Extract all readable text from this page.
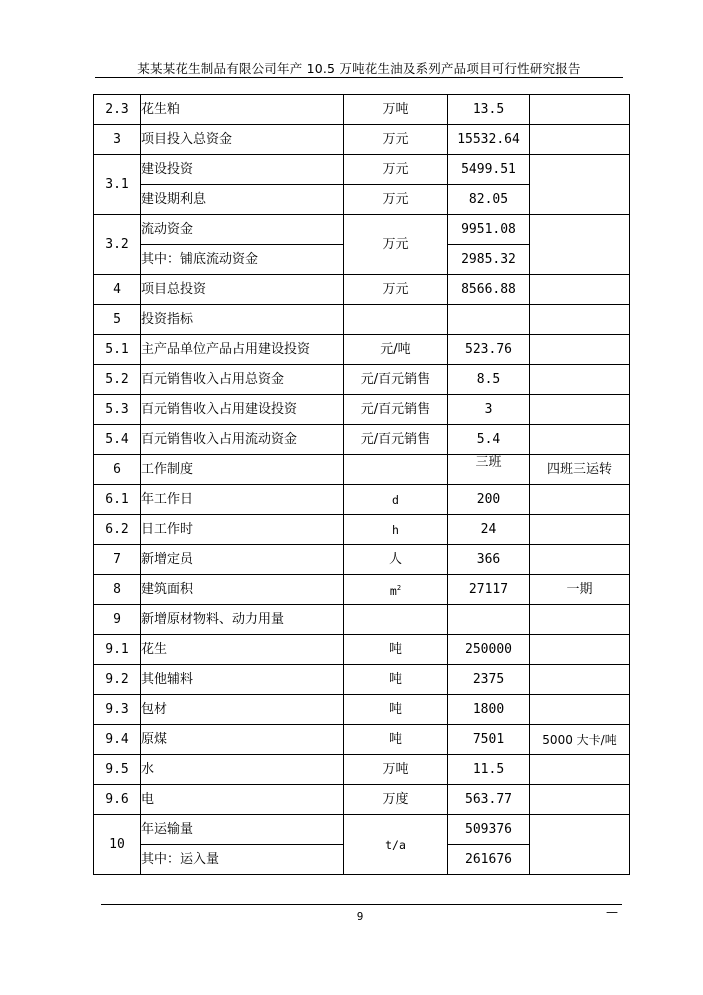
某某某花生制品有限公司年产 10.5 万吨花生油及系列产品项目可行性研究报告
2.3	花生粕	万吨	13.5	
3	项目投入总资金	万元	15532.64	
3.1	建设投资	万元	5499.51	
	建设期利息	万元	82.05	
3.2	流动资金	万元	9951.08	
	其中：铺底流动资金		2985.32	
4	项目总投资	万元	8566.88	
5	投资指标			
5.1	主产品单位产品占用建设投资	元/吨	523.76	
5.2	百元销售收入占用总资金	元/百元销售	8.5	
5.3	百元销售收入占用建设投资	元/百元销售	3	
5.4	百元销售收入占用流动资金	元/百元销售	5.4	
6	工作制度		三班	四班三运转
6.1	年工作日	d	200	
6.2	日工作时	h	24	
7	新增定员	人	366	
8	建筑面积	$m^2$	27117	一期
9	新增原材物料、动力用量			
9.1	花生	吨	250000	
9.2	其他辅料	吨	2375	
9.3	包材	吨	1800	
9.4	原煤	吨	7501	5000 大卡/吨
9.5	水	万吨	11.5	
9.6	电	万度	563.77	
10	年运输量	t/a	509376	
	其中：运入量		261676	
9	—
